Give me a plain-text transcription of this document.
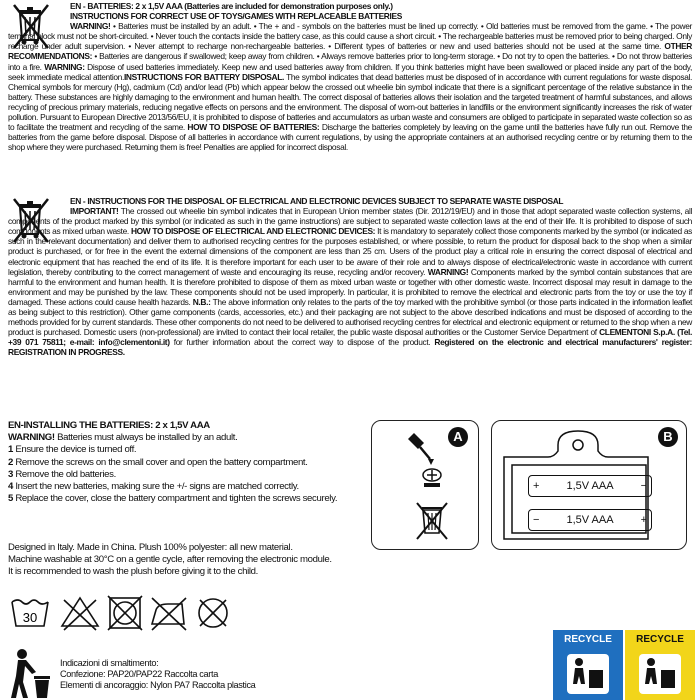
EN - BATTERIES: 2 x 1,5V AAA (Batteries are included for demonstration purposes only.)
INSTRUCTIONS FOR CORRECT USE OF TOYS/GAMES WITH REPLACEABLE BATTERIES
WARNING! • Batteries must be installed by an adult. • The + and - symbols on the batteries must be lined up correctly. • Old batteries must be removed from the game. • The power terminal block must not be short-circuited. • Never touch the contacts inside the battery case, as this could cause a short circuit. • The rechargeable batteries must be removed prior to being charged. Only recharge under adult supervision. • Never attempt to recharge non-rechargeable batteries. • Different types of batteries or new and used batteries should not be used at the same time. OTHER RECOMMENDATIONS: • Batteries are dangerous if swallowed; keep away from children. • Always remove batteries prior to long-term storage. • Do not try to open the batteries. • Do not throw batteries into a fire. WARNING: Dispose of used batteries immediately. Keep new and used batteries away from children. If you think batteries might have been swallowed or placed inside any part of the body, seek immediate medical attention.INSTRUCTIONS FOR BATTERY DISPOSAL. The symbol indicates that dead batteries must be disposed of in accordance with current regulations for waste disposal. Chemical symbols for mercury (Hg), cadmium (Cd) and/or lead (Pb) which appear below the crossed out wheelie bin symbol indicate that there is a significant percentage of the relative substance in the battery. These substances are highly damaging to the environment and human health. The correct disposal of batteries allows their isolation and the targeted treatment of harmful substances, and allows recycling of precious primary materials, reducing negative effects on persons and the environment. The disposal of worn-out batteries in landfills or the environment significantly increases the risk of water pollution. Pursuant to European Directive 2013/56/EU, it is prohibited to dispose of batteries and accumulators as urban waste and consumers are obliged to participate in separated waste collection so as to facilitate the treatment and recycling of the same. HOW TO DISPOSE OF BATTERIES: Discharge the batteries completely by leaving on the game until the batteries have fully run out. Remove the batteries from the game before disposal. Dispose of all batteries in accordance with current regulations, by using the appropriate containers at an authorised recycling centre or by returning them to the shop where they were purchased. Returning them is free! Penalties are applied for incorrect disposal.
EN - INSTRUCTIONS FOR THE DISPOSAL OF ELECTRICAL AND ELECTRONIC DEVICES SUBJECT TO SEPARATE WASTE DISPOSAL
IMPORTANT! The crossed out wheelie bin symbol indicates that in European Union member states (Dir. 2012/19/EU) and in those that adopt separated waste collection systems, all components of the product marked by this symbol (or indicated as such in the game instructions) are subject to separated waste collection laws at the end of their life. It is prohibited to dispose of such components as mixed urban waste. HOW TO DISPOSE OF ELECTRICAL AND ELECTRONIC DEVICES: It is mandatory to separately collect those components marked by the symbol (or indicated as such in the relevant documentation) and deliver them to authorised recycling centres for the purposes established, or where possible, to return the product for disposal back to the shop when a similar product is purchased, or for free in the event the external dimensions of the component are less than 25 cm. Users of the product play a critical role in ensuring the correct disposal of electrical and electronic equipment that has reached the end of its life. It is therefore important for each user to be aware of their role and to always dispose of electrical/electronic waste in accordance with current legislation, thereby contributing to the correct management of waste and encouraging its reuse, recycling and/or recovery. WARNING! Components marked by the symbol contain substances that are harmful to the environment and human health. It is therefore prohibited to dispose of them as mixed urban waste or together with other domestic waste. Incorrect disposal may result in damage to the environment and may be punished by the law. These components should not be used improperly. In particular, it is prohibited to remove the electrical and electronic parts from the toy or use the toy if damaged. These actions could cause health hazards. N.B.: The above information only relates to the parts of the toy marked with the prohibitive symbol (or those parts indicated in the information leaflet as being subject to this restriction). Other game components (cards, accessories, etc.) and their packaging are not subject to the above described indications and must be disposed of according to the methods provided for by current standards. These other components do not need to be delivered to authorised recycling centres for electrical and electronic equipment or returned to the shop when a new product is purchased. Domestic users (non-professional) are invited to contact their local retailer, the public waste disposal authorities or the Customer Service Department of CLEMENTONI S.p.A. (Tel. +39 071 75811; e-mail: info@clementoni.it) for further information about the correct way to dispose of the product. Registered on the electronic and electrical manufacturers' register: REGISTRATION IN PROGRESS.
EN-INSTALLING THE BATTERIES: 2 x 1,5V AAA
WARNING! Batteries must always be installed by an adult.
1 Ensure the device is turned off.
2 Remove the screws on the small cover and open the battery compartment.
3 Remove the old batteries.
4 Insert the new batteries, making sure the +/- signs are matched correctly.
5 Replace the cover, close the battery compartment and tighten the screws securely.
A	B
+ 1,5V AAA −
− 1,5V AAA +
Designed in Italy. Made in China. Plush 100% polyester: all new material.
Machine washable at 30°C on a gentle cycle, after removing the electronic module.
It is recommended to wash the plush before giving it to the child.
30
Indicazioni di smaltimento:
Confezione: PAP20/PAP22 Raccolta carta
Elementi di ancoraggio: Nylon PA7 Raccolta plastica
RECYCLE	RECYCLE
